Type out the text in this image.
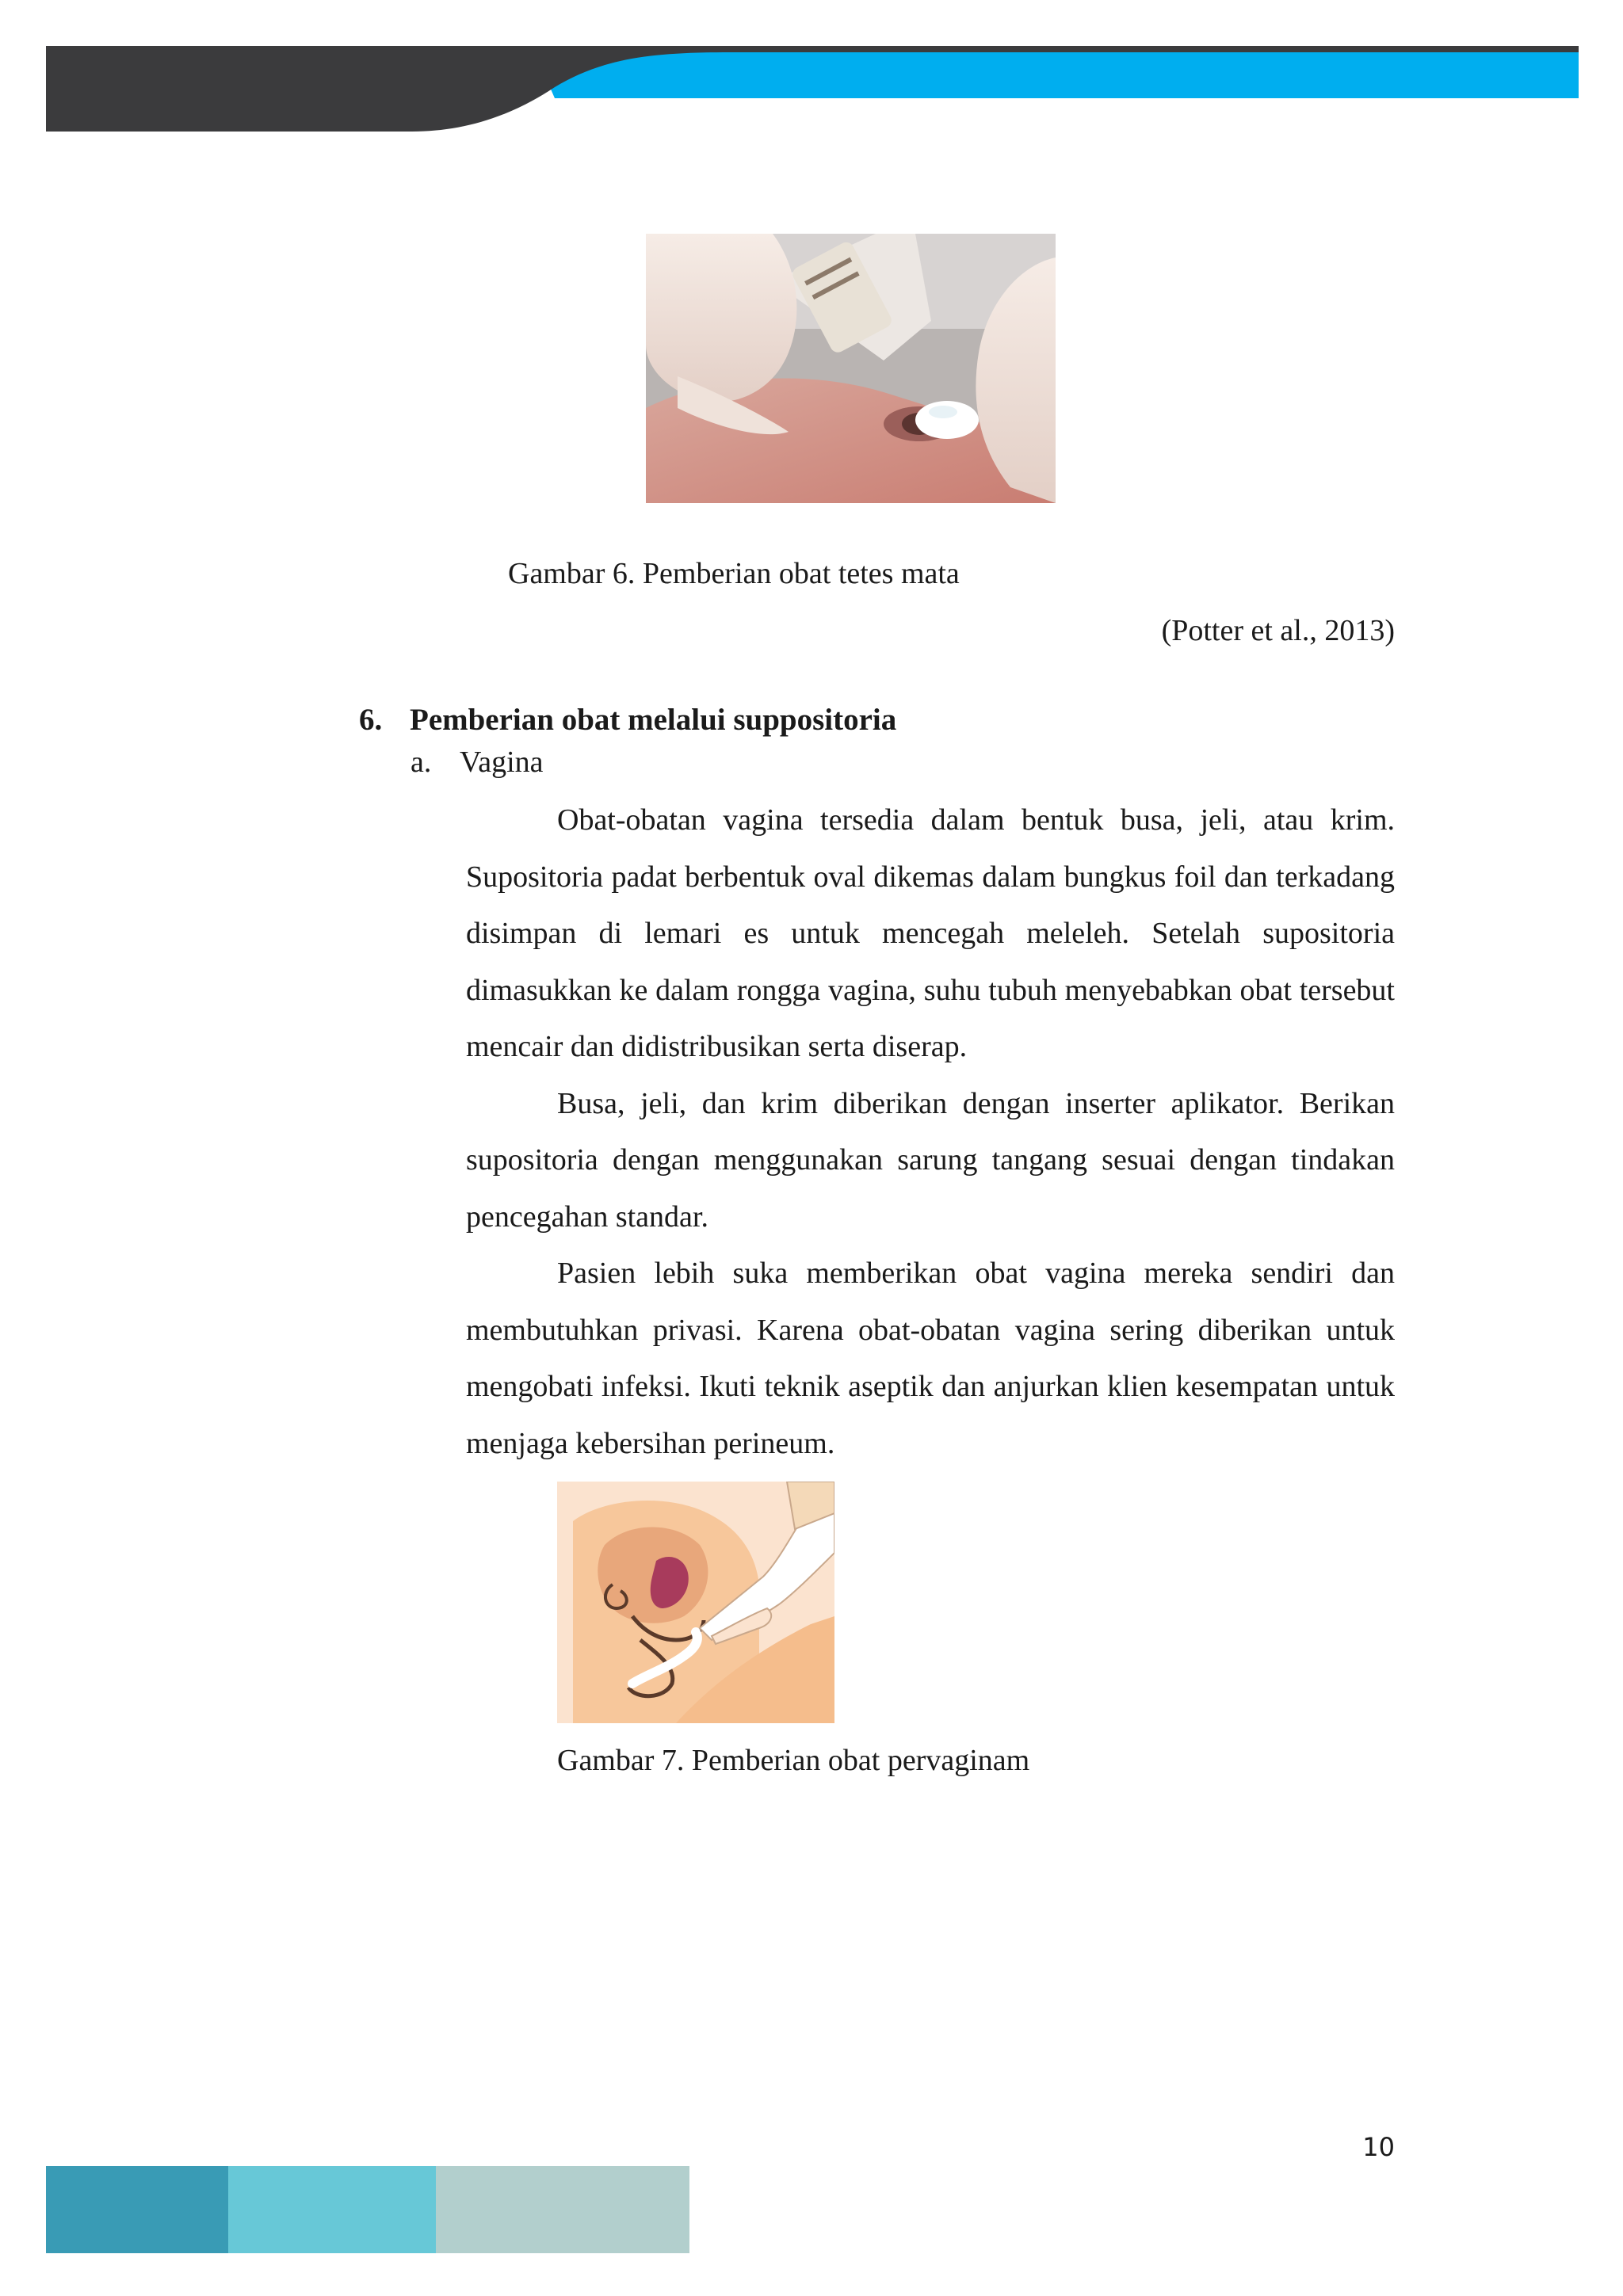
Gambar 6. Pemberian obat tetes mata
(Potter et al., 2013)
6. Pemberian obat melalui suppositoria
a. Vagina

Obat-obatan vagina tersedia dalam bentuk busa, jeli, atau krim. Supositoria padat berbentuk oval dikemas dalam bungkus foil dan terkadang disimpan di lemari es untuk mencegah meleleh. Setelah supositoria dimasukkan ke dalam rongga vagina, suhu tubuh menyebabkan obat tersebut mencair dan didistribusikan serta diserap.

Busa, jeli, dan krim diberikan dengan inserter aplikator. Berikan supositoria dengan menggunakan sarung tangang sesuai dengan tindakan pencegahan standar.

Pasien lebih suka memberikan obat vagina mereka sendiri dan membutuhkan privasi. Karena obat-obatan vagina sering diberikan untuk mengobati infeksi. Ikuti teknik aseptik dan anjurkan klien kesempatan untuk menjaga kebersihan perineum.

Gambar 7. Pemberian obat pervaginam
10
